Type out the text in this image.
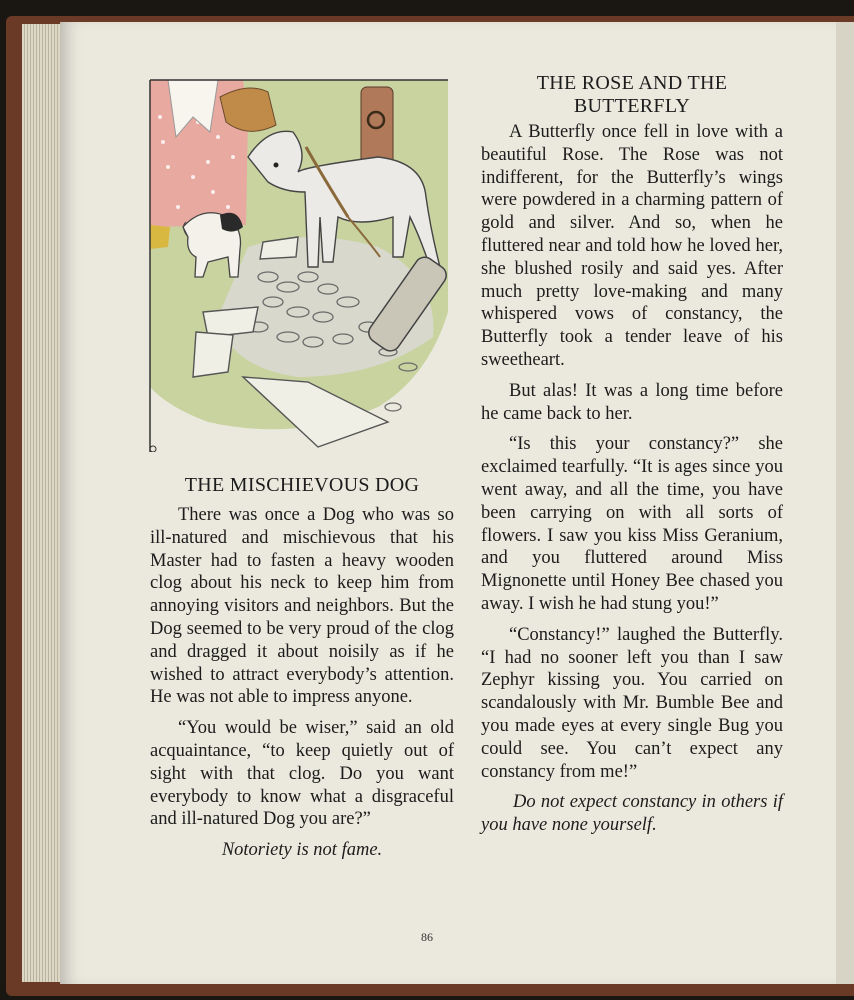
THE MISCHIEVOUS DOG

There was once a Dog who was so ill-natured and mischievous that his Master had to fasten a heavy wooden clog about his neck to keep him from annoying visitors and neighbors. But the Dog seemed to be very proud of the clog and dragged it about noisily as if he wished to attract everybody’s attention. He was not able to impress anyone.

“You would be wiser,” said an old acquaintance, “to keep quietly out of sight with that clog. Do you want everybody to know what a disgraceful and ill-natured Dog you are?”

Notoriety is not fame.

THE ROSE AND THE BUTTERFLY

A Butterfly once fell in love with a beautiful Rose. The Rose was not indifferent, for the Butterfly’s wings were powdered in a charming pattern of gold and silver. And so, when he fluttered near and told how he loved her, she blushed rosily and said yes. After much pretty love-making and many whispered vows of constancy, the Butterfly took a tender leave of his sweetheart.

But alas! It was a long time before he came back to her.

“Is this your constancy?” she exclaimed tearfully. “It is ages since you went away, and all the time, you have been carrying on with all sorts of flowers. I saw you kiss Miss Geranium, and you fluttered around Miss Mignonette until Honey Bee chased you away. I wish he had stung you!”

“Constancy!” laughed the Butterfly. “I had no sooner left you than I saw Zephyr kissing you. You carried on scandalously with Mr. Bumble Bee and you made eyes at every single Bug you could see. You can’t expect any constancy from me!”

Do not expect constancy in others if you have none yourself.

86
